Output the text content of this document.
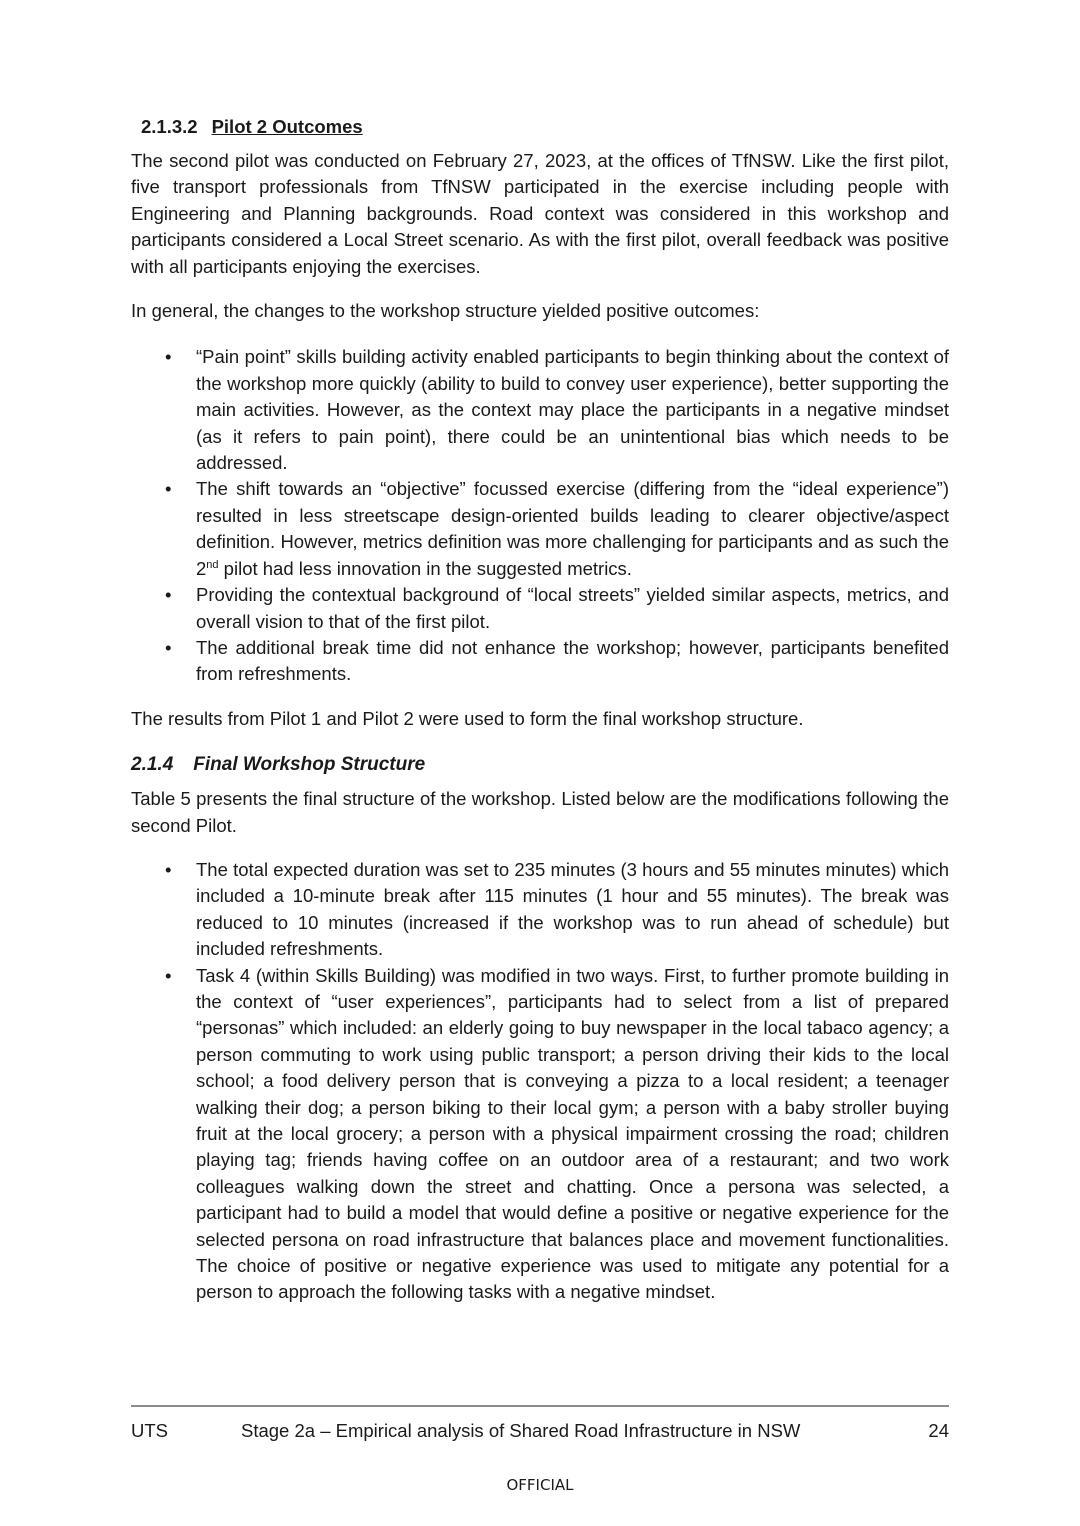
2.1.3.2 Pilot 2 Outcomes

The second pilot was conducted on February 27, 2023, at the offices of TfNSW. Like the first pilot, five transport professionals from TfNSW participated in the exercise including people with Engineering and Planning backgrounds. Road context was considered in this workshop and participants considered a Local Street scenario. As with the first pilot, overall feedback was positive with all participants enjoying the exercises.

In general, the changes to the workshop structure yielded positive outcomes:

• “Pain point” skills building activity enabled participants to begin thinking about the context of the workshop more quickly (ability to build to convey user experience), better supporting the main activities. However, as the context may place the participants in a negative mindset (as it refers to pain point), there could be an unintentional bias which needs to be addressed.
• The shift towards an “objective” focussed exercise (differing from the “ideal experience”) resulted in less streetscape design-oriented builds leading to clearer objective/aspect definition. However, metrics definition was more challenging for participants and as such the 2nd pilot had less innovation in the suggested metrics.
• Providing the contextual background of “local streets” yielded similar aspects, metrics, and overall vision to that of the first pilot.
• The additional break time did not enhance the workshop; however, participants benefited from refreshments.

The results from Pilot 1 and Pilot 2 were used to form the final workshop structure.

2.1.4 Final Workshop Structure

Table 5 presents the final structure of the workshop. Listed below are the modifications following the second Pilot.

• The total expected duration was set to 235 minutes (3 hours and 55 minutes minutes) which included a 10-minute break after 115 minutes (1 hour and 55 minutes). The break was reduced to 10 minutes (increased if the workshop was to run ahead of schedule) but included refreshments.
• Task 4 (within Skills Building) was modified in two ways. First, to further promote building in the context of “user experiences”, participants had to select from a list of prepared “personas” which included: an elderly going to buy newspaper in the local tabaco agency; a person commuting to work using public transport; a person driving their kids to the local school; a food delivery person that is conveying a pizza to a local resident; a teenager walking their dog; a person biking to their local gym; a person with a baby stroller buying fruit at the local grocery; a person with a physical impairment crossing the road; children playing tag; friends having coffee on an outdoor area of a restaurant; and two work colleagues walking down the street and chatting. Once a persona was selected, a participant had to build a model that would define a positive or negative experience for the selected persona on road infrastructure that balances place and movement functionalities. The choice of positive or negative experience was used to mitigate any potential for a person to approach the following tasks with a negative mindset.
UTS	Stage 2a – Empirical analysis of Shared Road Infrastructure in NSW	24
OFFICIAL
